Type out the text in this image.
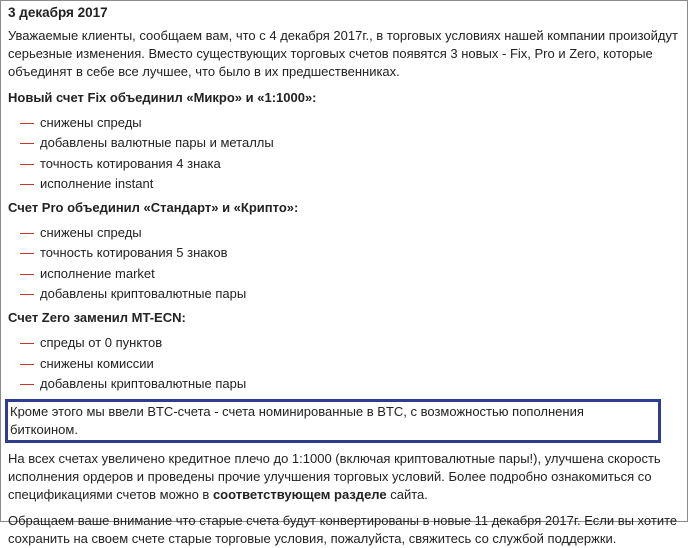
3 декабря 2017

Уважаемые клиенты, сообщаем вам, что с 4 декабря 2017г., в торговых условиях нашей компании произойдут серьезные изменения. Вместо существующих торговых счетов появятся 3 новых - Fix, Pro и Zero, которые объединят в себе все лучшее, что было в их предшественниках.

Новый счет Fix объединил «Микро» и «1:1000»:
снижены спреды
добавлены валютные пары и металлы
точность котирования 4 знака
исполнение instant
Счет Pro объединил «Стандарт» и «Крипто»:
снижены спреды
точность котирования 5 знаков
исполнение market
добавлены криптовалютные пары
Счет Zero заменил MT-ECN:
спреды от 0 пунктов
снижены комиссии
добавлены криптовалютные пары
Кроме этого мы ввели BTC-счета - счета номинированные в BTC, с возможностью пополнения биткоином.

На всех счетах увеличено кредитное плечо до 1:1000 (включая криптовалютные пары!), улучшена скорость исполнения ордеров и проведены прочие улучшения торговых условий. Более подробно ознакомиться со спецификациями счетов можно в соответствующем разделе сайта.

Обращаем ваше внимание что старые счета будут конвертированы в новые 11 декабря 2017г. Если вы хотите сохранить на своем счете старые торговые условия, пожалуйста, свяжитесь со службой поддержки.
